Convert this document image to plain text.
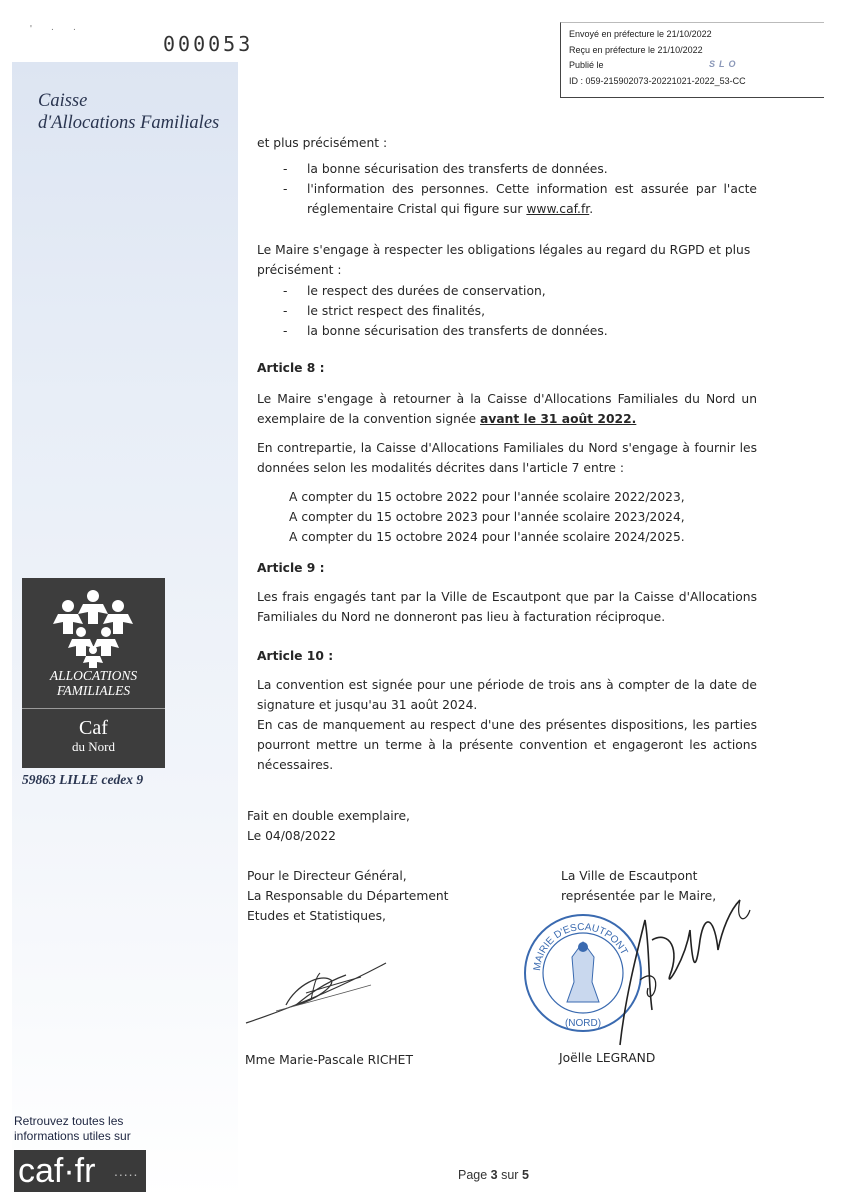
' · ·
000053
Caisse
d'Allocations Familiales
Envoyé en préfecture le 21/10/2022
Reçu en préfecture le 21/10/2022
Publié le	SLO
ID : 059-215902073-20221021-2022_53-CC
et plus précisément :
- la bonne sécurisation des transferts de données.
- l'information des personnes. Cette information est assurée par l'acte réglementaire Cristal qui figure sur www.caf.fr.
Le Maire s'engage à respecter les obligations légales au regard du RGPD et plus précisément :
- le respect des durées de conservation,
- le strict respect des finalités,
- la bonne sécurisation des transferts de données.
Article 8 :
Le Maire s'engage à retourner à la Caisse d'Allocations Familiales du Nord un exemplaire de la convention signée avant le 31 août 2022.
En contrepartie, la Caisse d'Allocations Familiales du Nord s'engage à fournir les données selon les modalités décrites dans l'article 7 entre :
A compter du 15 octobre 2022 pour l'année scolaire 2022/2023,
A compter du 15 octobre 2023 pour l'année scolaire 2023/2024,
A compter du 15 octobre 2024 pour l'année scolaire 2024/2025.
Article 9 :
Les frais engagés tant par la Ville de Escautpont que par la Caisse d'Allocations Familiales du Nord ne donneront pas lieu à facturation réciproque.
Article 10 :
La convention est signée pour une période de trois ans à compter de la date de signature et jusqu'au 31 août 2024.
En cas de manquement au respect d'une des présentes dispositions, les parties pourront mettre un terme à la présente convention et engageront les actions nécessaires.
Fait en double exemplaire,
Le 04/08/2022
Pour le Directeur Général,
La Responsable du Département
Etudes et Statistiques,
La Ville de Escautpont
représentée par le Maire,
MAIRIE D'ESCAUTPONT
(NORD)
Mme Marie-Pascale RICHET	Joëlle LEGRAND
ALLOCATIONS
FAMILIALES
Caf
du Nord
59863 LILLE cedex 9
Retrouvez toutes les
informations utiles sur
caf·fr .....	Page 3 sur 5
